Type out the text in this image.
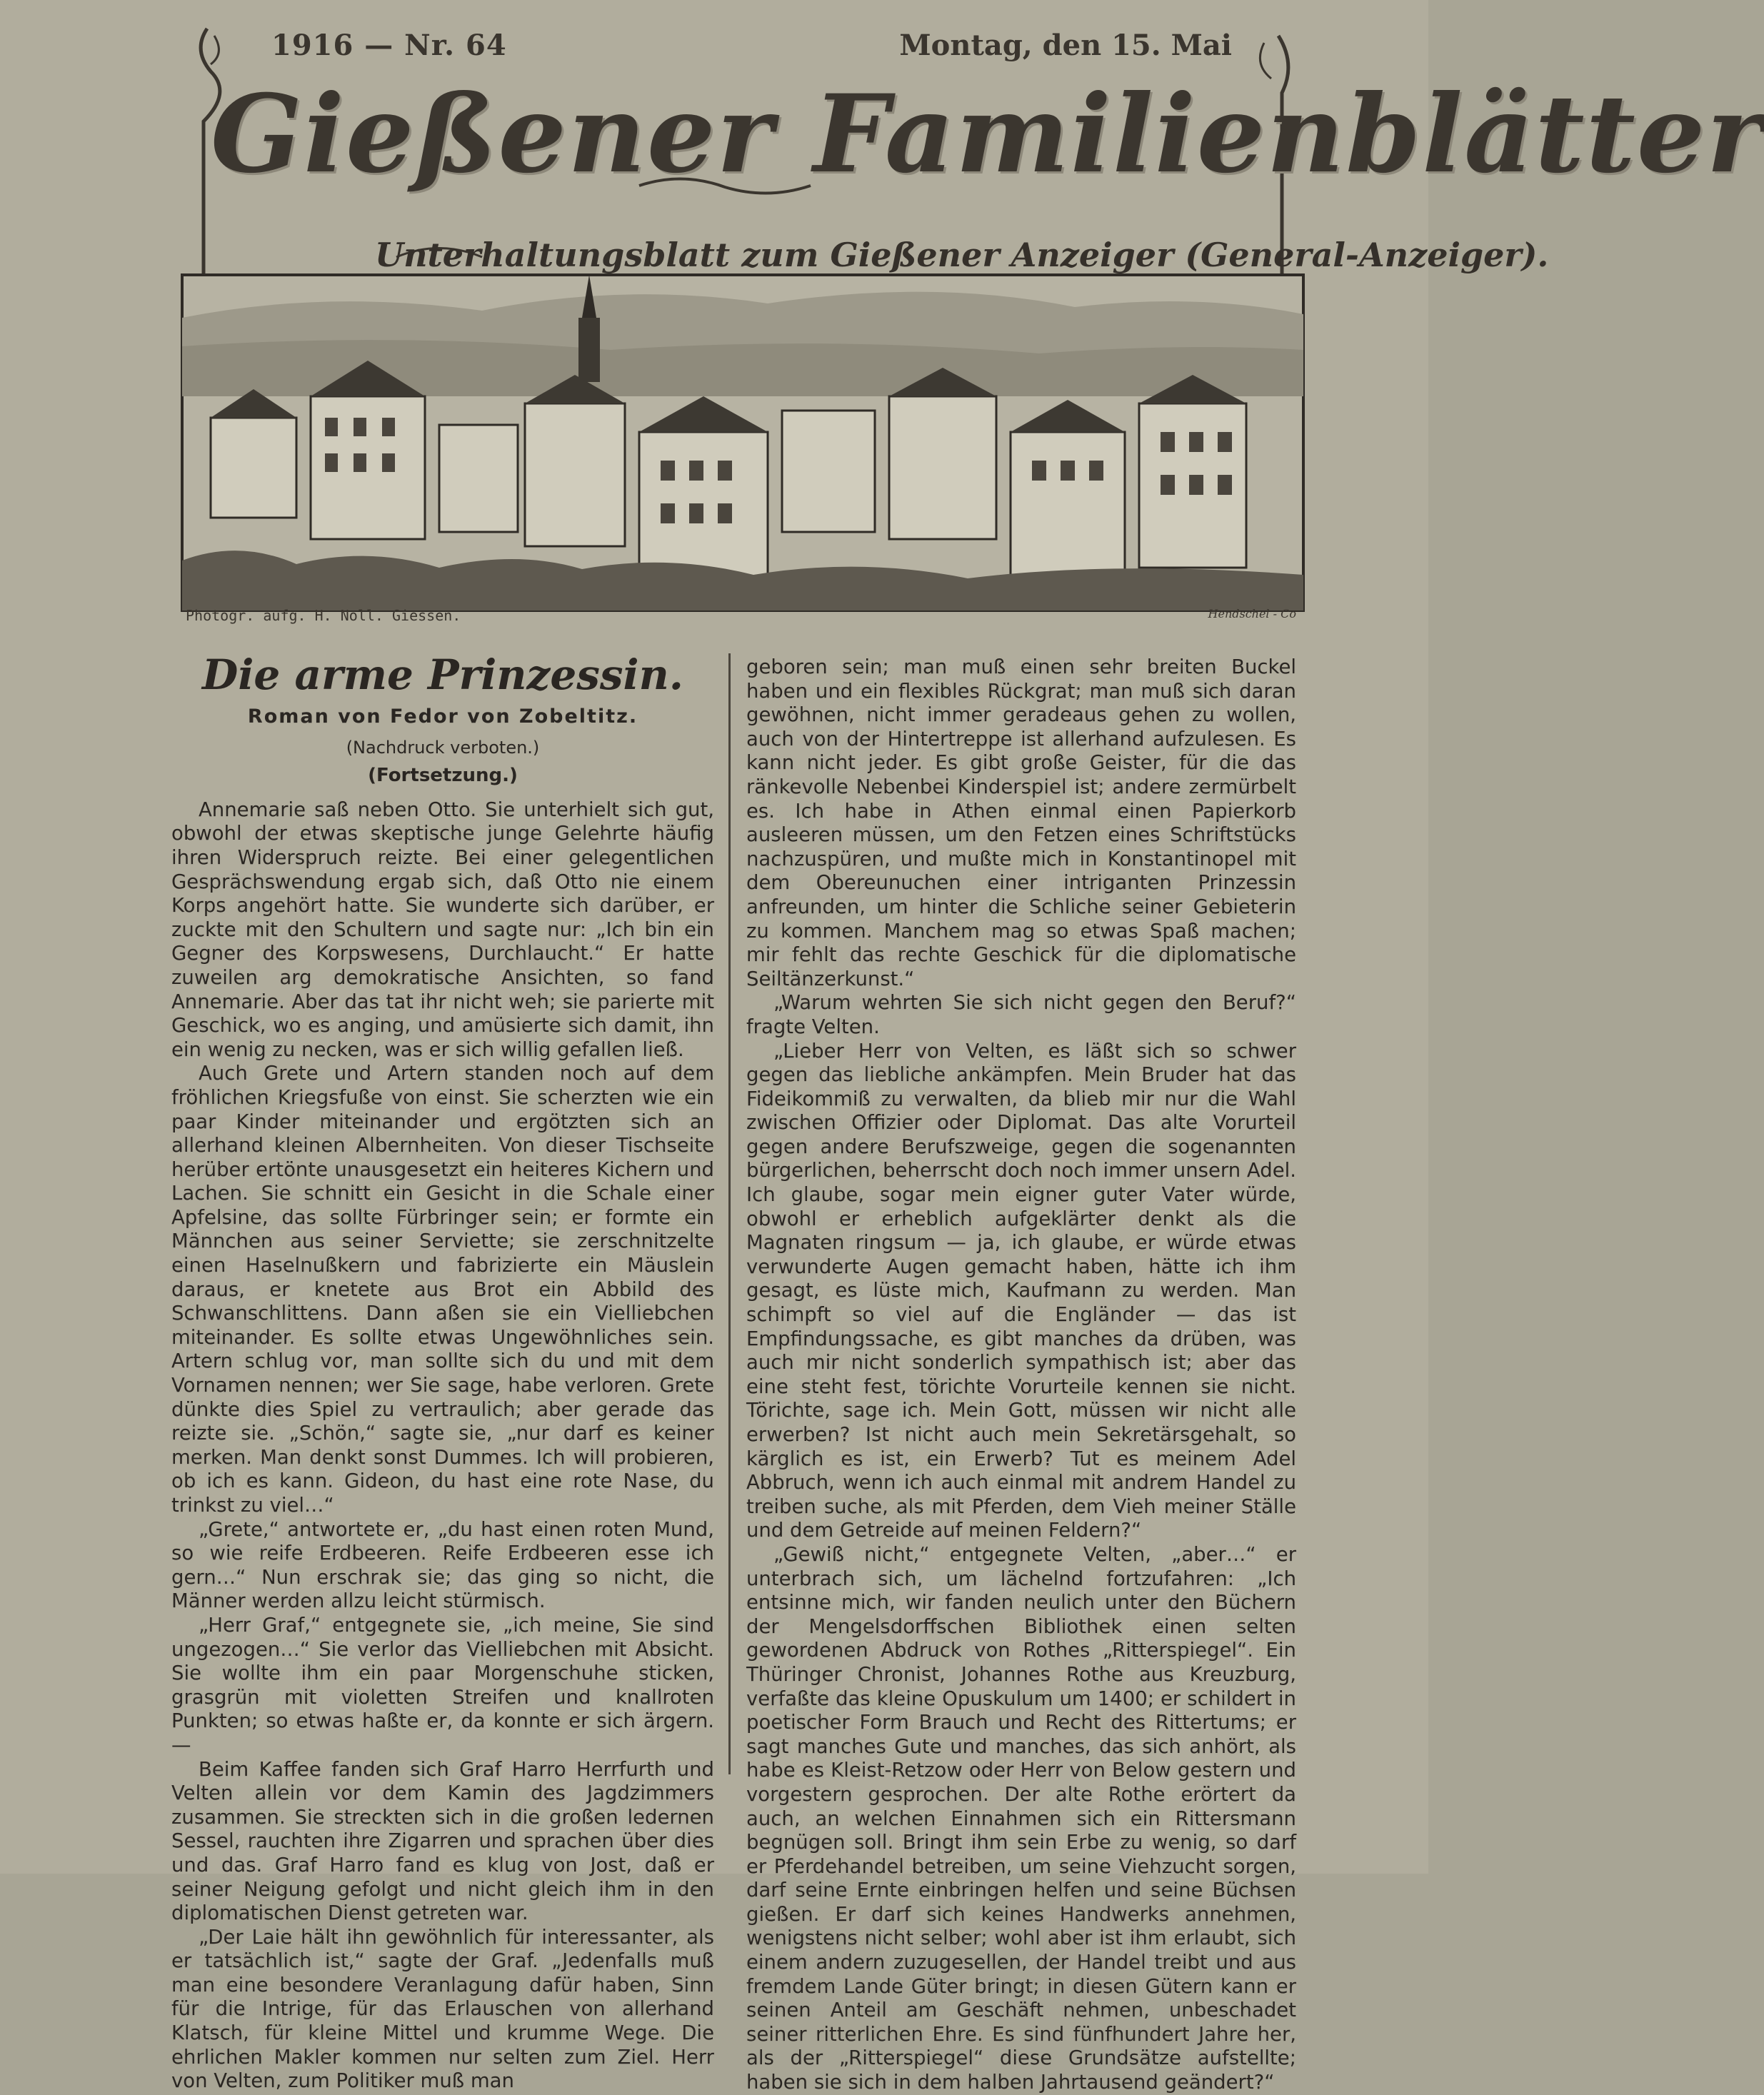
1916 — Nr. 64	Montag, den 15. Mai
Gießener Familienblätter
Unterhaltungsblatt zum Gießener Anzeiger (General-Anzeiger).
Photogr. aufg. H. Noll. Giessen.	Hendschel - Co
Die arme Prinzessin.
Roman von Fedor von Zobeltitz.
(Nachdruck verboten.)
(Fortsetzung.)

Annemarie saß neben Otto. Sie unterhielt sich gut, obwohl der etwas skeptische junge Gelehrte häufig ihren Widerspruch reizte. Bei einer gelegentlichen Gesprächswendung ergab sich, daß Otto nie einem Korps angehört hatte. Sie wunderte sich darüber, er zuckte mit den Schultern und sagte nur: „Ich bin ein Gegner des Korpswesens, Durchlaucht.“ Er hatte zuweilen arg demokratische Ansichten, so fand Annemarie. Aber das tat ihr nicht weh; sie parierte mit Geschick, wo es anging, und amüsierte sich damit, ihn ein wenig zu necken, was er sich willig gefallen ließ.

Auch Grete und Artern standen noch auf dem fröhlichen Kriegsfuße von einst. Sie scherzten wie ein paar Kinder miteinander und ergötzten sich an allerhand kleinen Albernheiten. Von dieser Tischseite herüber ertönte unausgesetzt ein heiteres Kichern und Lachen. Sie schnitt ein Gesicht in die Schale einer Apfelsine, das sollte Fürbringer sein; er formte ein Männchen aus seiner Serviette; sie zerschnitzelte einen Haselnußkern und fabrizierte ein Mäuslein daraus, er knetete aus Brot ein Abbild des Schwanschlittens. Dann aßen sie ein Vielliebchen miteinander. Es sollte etwas Ungewöhnliches sein. Artern schlug vor, man sollte sich du und mit dem Vornamen nennen; wer Sie sage, habe verloren. Grete dünkte dies Spiel zu vertraulich; aber gerade das reizte sie. „Schön,“ sagte sie, „nur darf es keiner merken. Man denkt sonst Dummes. Ich will probieren, ob ich es kann. Gideon, du hast eine rote Nase, du trinkst zu viel…“

„Grete,“ antwortete er, „du hast einen roten Mund, so wie reife Erdbeeren. Reife Erdbeeren esse ich gern…“ Nun erschrak sie; das ging so nicht, die Männer werden allzu leicht stürmisch.

„Herr Graf,“ entgegnete sie, „ich meine, Sie sind ungezogen…“ Sie verlor das Vielliebchen mit Absicht. Sie wollte ihm ein paar Morgenschuhe sticken, grasgrün mit violetten Streifen und knallroten Punkten; so etwas haßte er, da konnte er sich ärgern. —

Beim Kaffee fanden sich Graf Harro Herrfurth und Velten allein vor dem Kamin des Jagdzimmers zusammen. Sie streckten sich in die großen ledernen Sessel, rauchten ihre Zigarren und sprachen über dies und das. Graf Harro fand es klug von Jost, daß er seiner Neigung gefolgt und nicht gleich ihm in den diplomatischen Dienst getreten war.

„Der Laie hält ihn gewöhnlich für interessanter, als er tatsächlich ist,“ sagte der Graf. „Jedenfalls muß man eine besondere Veranlagung dafür haben, Sinn für die Intrige, für das Erlauschen von allerhand Klatsch, für kleine Mittel und krumme Wege. Die ehrlichen Makler kommen nur selten zum Ziel. Herr von Velten, zum Politiker muß man

geboren sein; man muß einen sehr breiten Buckel haben und ein flexibles Rückgrat; man muß sich daran gewöhnen, nicht immer geradeaus gehen zu wollen, auch von der Hintertreppe ist allerhand aufzulesen. Es kann nicht jeder. Es gibt große Geister, für die das ränkevolle Nebenbei Kinderspiel ist; andere zermürbelt es. Ich habe in Athen einmal einen Papierkorb ausleeren müssen, um den Fetzen eines Schriftstücks nachzuspüren, und mußte mich in Konstantinopel mit dem Obereunuchen einer intriganten Prinzessin anfreunden, um hinter die Schliche seiner Gebieterin zu kommen. Manchem mag so etwas Spaß machen; mir fehlt das rechte Geschick für die diplomatische Seiltänzerkunst.“

„Warum wehrten Sie sich nicht gegen den Beruf?“ fragte Velten.

„Lieber Herr von Velten, es läßt sich so schwer gegen das liebliche ankämpfen. Mein Bruder hat das Fideikommiß zu verwalten, da blieb mir nur die Wahl zwischen Offizier oder Diplomat. Das alte Vorurteil gegen andere Berufszweige, gegen die sogenannten bürgerlichen, beherrscht doch noch immer unsern Adel. Ich glaube, sogar mein eigner guter Vater würde, obwohl er erheblich aufgeklärter denkt als die Magnaten ringsum — ja, ich glaube, er würde etwas verwunderte Augen gemacht haben, hätte ich ihm gesagt, es lüste mich, Kaufmann zu werden. Man schimpft so viel auf die Engländer — das ist Empfindungssache, es gibt manches da drüben, was auch mir nicht sonderlich sympathisch ist; aber das eine steht fest, törichte Vorurteile kennen sie nicht. Törichte, sage ich. Mein Gott, müssen wir nicht alle erwerben? Ist nicht auch mein Sekretärsgehalt, so kärglich es ist, ein Erwerb? Tut es meinem Adel Abbruch, wenn ich auch einmal mit andrem Handel zu treiben suche, als mit Pferden, dem Vieh meiner Ställe und dem Getreide auf meinen Feldern?“

„Gewiß nicht,“ entgegnete Velten, „aber…“ er unterbrach sich, um lächelnd fortzufahren: „Ich entsinne mich, wir fanden neulich unter den Büchern der Mengelsdorffschen Bibliothek einen selten gewordenen Abdruck von Rothes „Ritterspiegel“. Ein Thüringer Chronist, Johannes Rothe aus Kreuzburg, verfaßte das kleine Opuskulum um 1400; er schildert in poetischer Form Brauch und Recht des Rittertums; er sagt manches Gute und manches, das sich anhört, als habe es Kleist-Retzow oder Herr von Below gestern und vorgestern gesprochen. Der alte Rothe erörtert da auch, an welchen Einnahmen sich ein Rittersmann begnügen soll. Bringt ihm sein Erbe zu wenig, so darf er Pferdehandel betreiben, um seine Viehzucht sorgen, darf seine Ernte einbringen helfen und seine Büchsen gießen. Er darf sich keines Handwerks annehmen, wenigstens nicht selber; wohl aber ist ihm erlaubt, sich einem andern zuzugesellen, der Handel treibt und aus fremdem Lande Güter bringt; in diesen Gütern kann er seinen Anteil am Geschäft nehmen, unbeschadet seiner ritterlichen Ehre. Es sind fünfhundert Jahre her, als der „Ritterspiegel“ diese Grundsätze aufstellte; haben sie sich in dem halben Jahrtausend geändert?“
